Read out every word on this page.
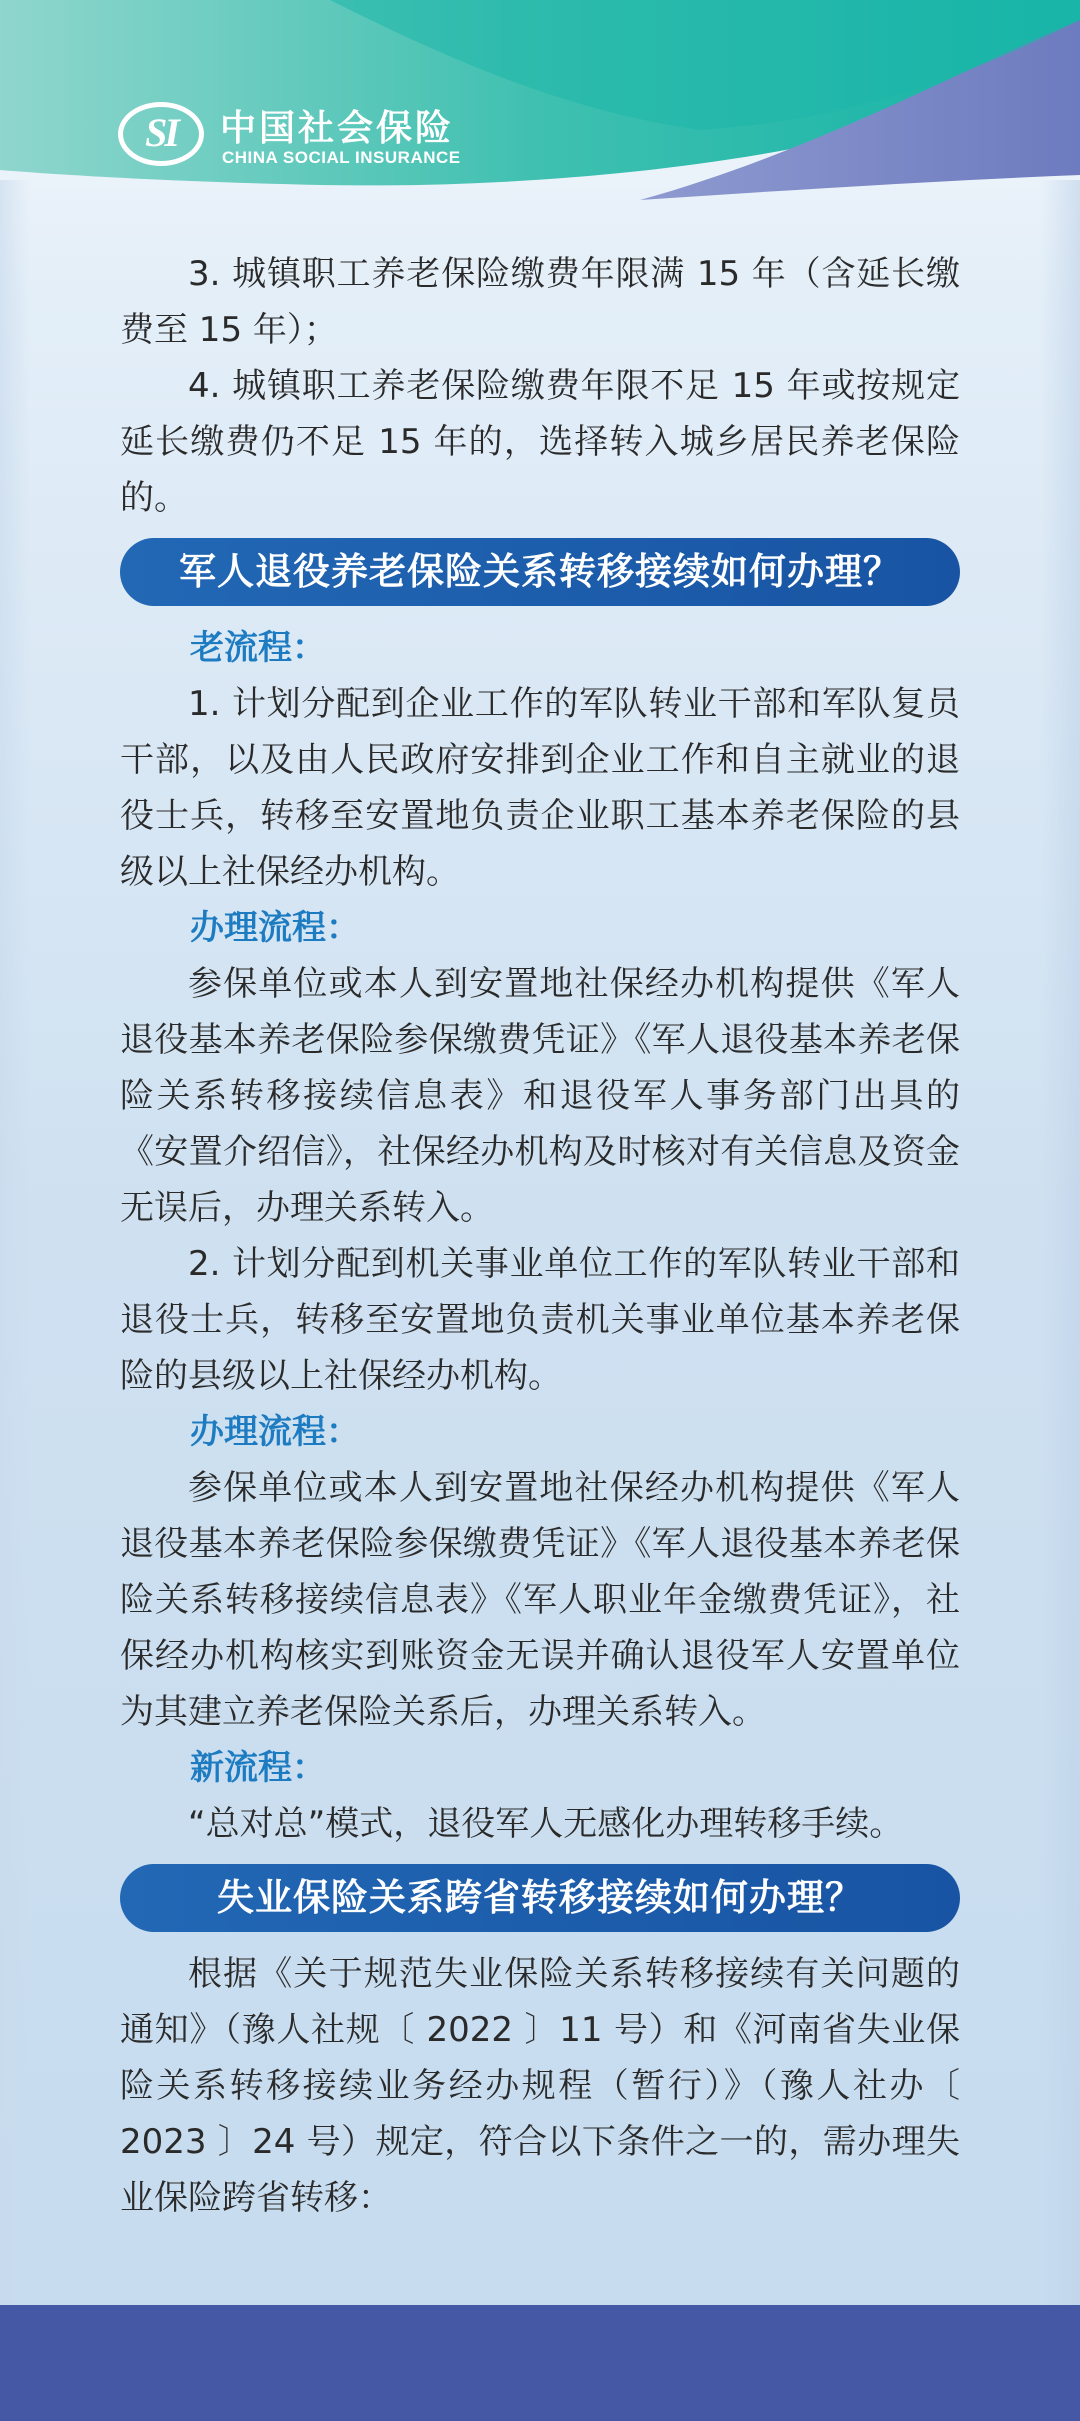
SI	中国社会保险
CHINA SOCIAL INSURANCE

3. 城镇职工养老保险缴费年限满 15 年（含延长缴费至 15 年）；

4. 城镇职工养老保险缴费年限不足 15 年或按规定延长缴费仍不足 15 年的，选择转入城乡居民养老保险的。

军人退役养老保险关系转移接续如何办理？

老流程：

1. 计划分配到企业工作的军队转业干部和军队复员干部，以及由人民政府安排到企业工作和自主就业的退役士兵，转移至安置地负责企业职工基本养老保险的县级以上社保经办机构。

办理流程：

参保单位或本人到安置地社保经办机构提供《军人退役基本养老保险参保缴费凭证》《军人退役基本养老保险关系转移接续信息表》和退役军人事务部门出具的《安置介绍信》，社保经办机构及时核对有关信息及资金无误后，办理关系转入。

2. 计划分配到机关事业单位工作的军队转业干部和退役士兵，转移至安置地负责机关事业单位基本养老保险的县级以上社保经办机构。

办理流程：

参保单位或本人到安置地社保经办机构提供《军人退役基本养老保险参保缴费凭证》《军人退役基本养老保险关系转移接续信息表》《军人职业年金缴费凭证》，社保经办机构核实到账资金无误并确认退役军人安置单位为其建立养老保险关系后，办理关系转入。

新流程：

“总对总”模式，退役军人无感化办理转移手续。

失业保险关系跨省转移接续如何办理？

根据《关于规范失业保险关系转移接续有关问题的通知》（豫人社规〔 2022 〕11 号）和《河南省失业保险关系转移接续业务经办规程（暂行）》（豫人社办〔 2023 〕24 号）规定，符合以下条件之一的，需办理失业保险跨省转移：
